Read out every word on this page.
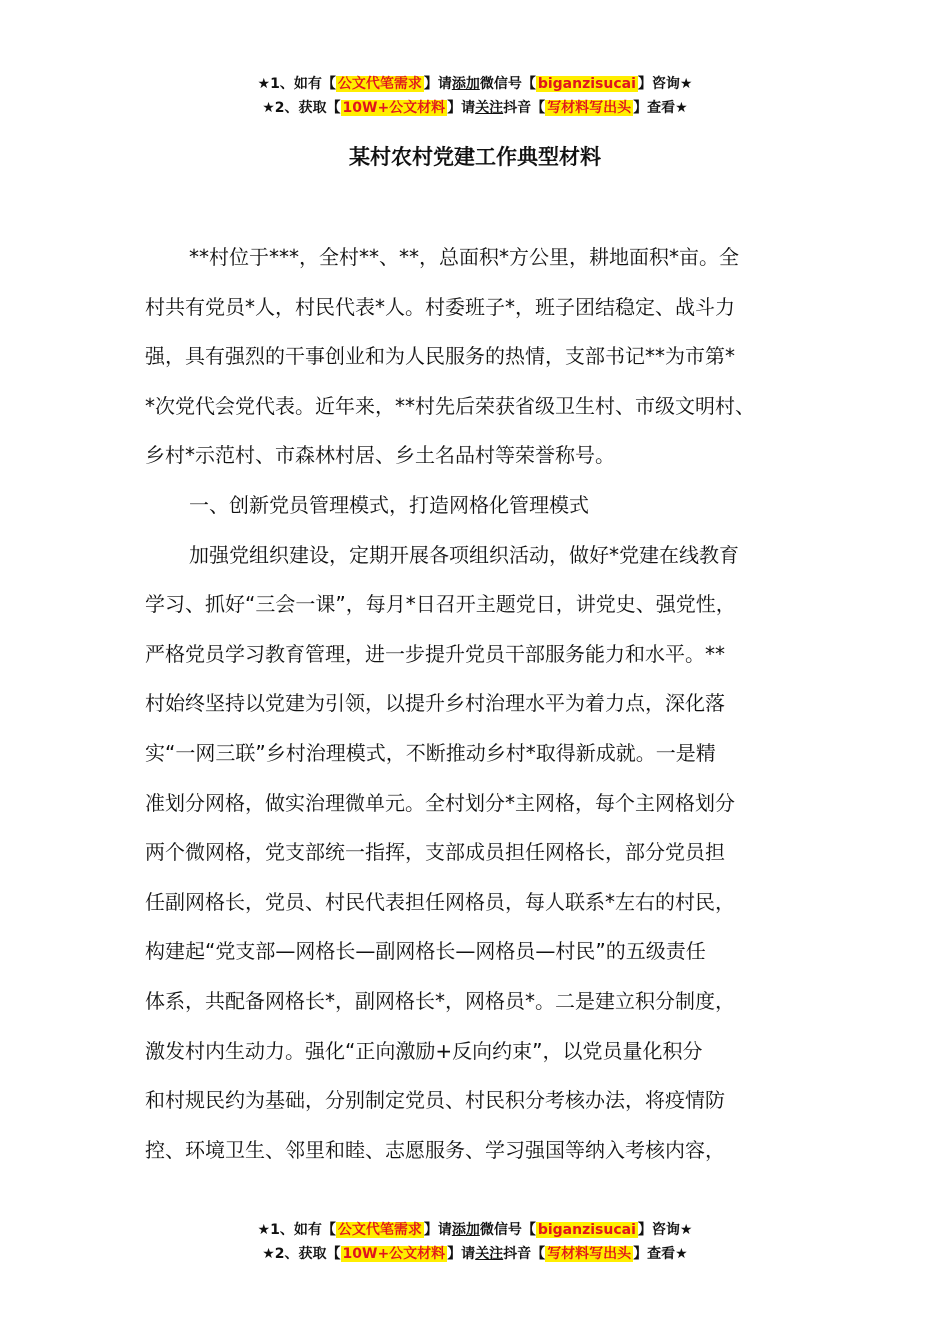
★1、如有【 公文代笔需求 】请添加微信号【 biganzisucai 】咨询★
★2、获取【 10W+公文材料 】请关注抖音【 写材料写出头 】查看★
某村农村党建工作典型材料
**村位于***，全村**、**，总面积*方公里，耕地面积*亩。全
村共有党员*人，村民代表*人。村委班子*，班子团结稳定、战斗力
强，具有强烈的干事创业和为人民服务的热情，支部书记**为市第*
*次党代会党代表。近年来，**村先后荣获省级卫生村、市级文明村、
乡村*示范村、市森林村居、乡土名品村等荣誉称号。
一、创新党员管理模式，打造网格化管理模式
加强党组织建设，定期开展各项组织活动，做好*党建在线教育
学习、抓好“三会一课”，每月*日召开主题党日，讲党史、强党性，
严格党员学习教育管理，进一步提升党员干部服务能力和水平。**
村始终坚持以党建为引领，以提升乡村治理水平为着力点，深化落
实“一网三联”乡村治理模式，不断推动乡村*取得新成就。一是精
准划分网格，做实治理微单元。全村划分*主网格，每个主网格划分
两个微网格，党支部统一指挥，支部成员担任网格长，部分党员担
任副网格长，党员、村民代表担任网格员，每人联系*左右的村民，
构建起“党支部—网格长—副网格长—网格员—村民”的五级责任
体系，共配备网格长*，副网格长*，网格员*。二是建立积分制度，
激发村内生动力。强化“正向激励+反向约束”，以党员量化积分
和村规民约为基础，分别制定党员、村民积分考核办法，将疫情防
控、环境卫生、邻里和睦、志愿服务、学习强国等纳入考核内容，
★1、如有【 公文代笔需求 】请添加微信号【 biganzisucai 】咨询★
★2、获取【 10W+公文材料 】请关注抖音【 写材料写出头 】查看★
